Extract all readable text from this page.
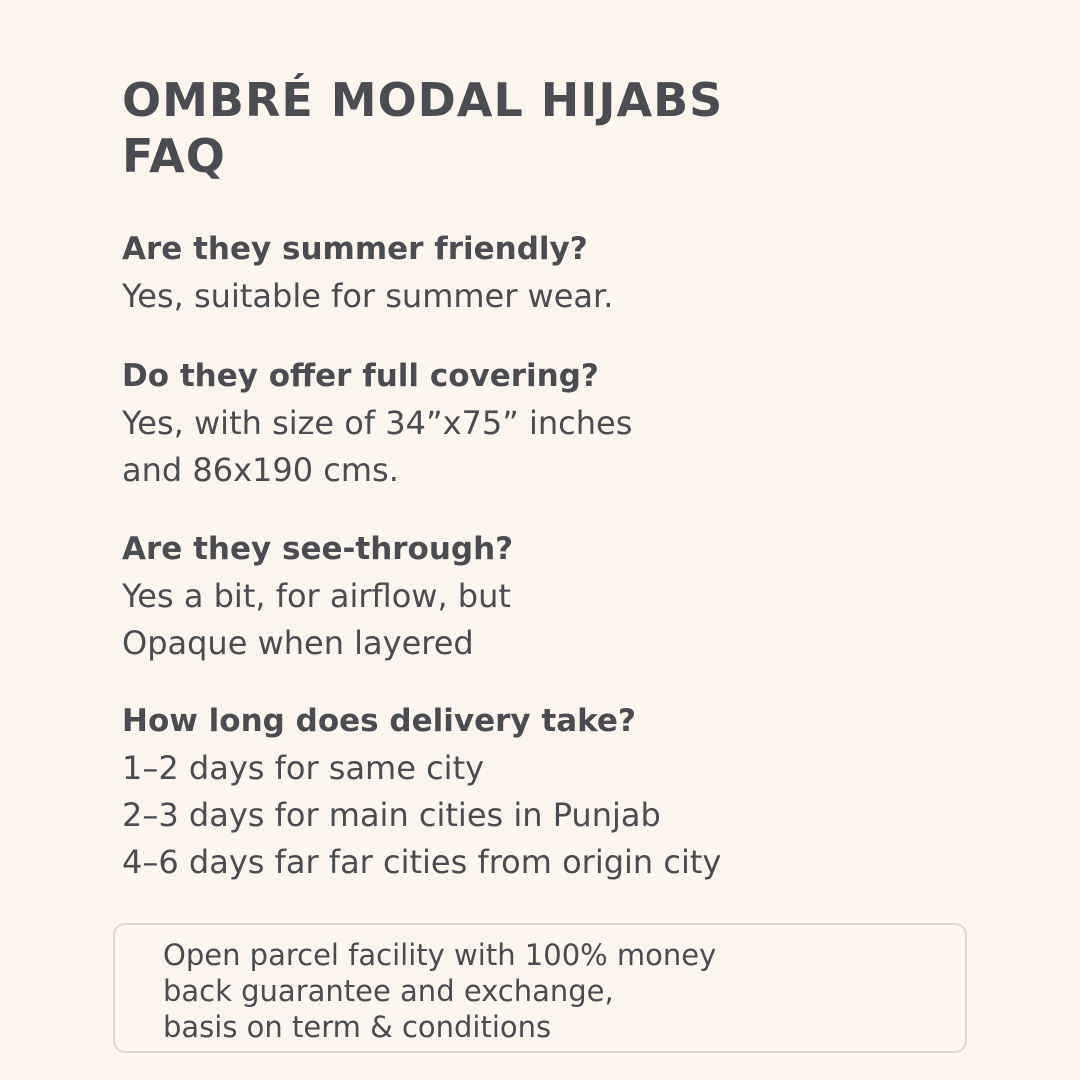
OMBRÉ MODAL HIJABS
FAQ
Are they summer friendly?
Yes, suitable for summer wear.
Do they offer full covering?
Yes, with size of 34”x75” inches
and 86x190 cms.
Are they see-through?
Yes a bit, for airflow, but
Opaque when layered
How long does delivery take?
1–2 days for same city
2–3 days for main cities in Punjab
4–6 days far far cities from origin city
Open parcel facility with 100% money
back guarantee and exchange,
basis on term & conditions
